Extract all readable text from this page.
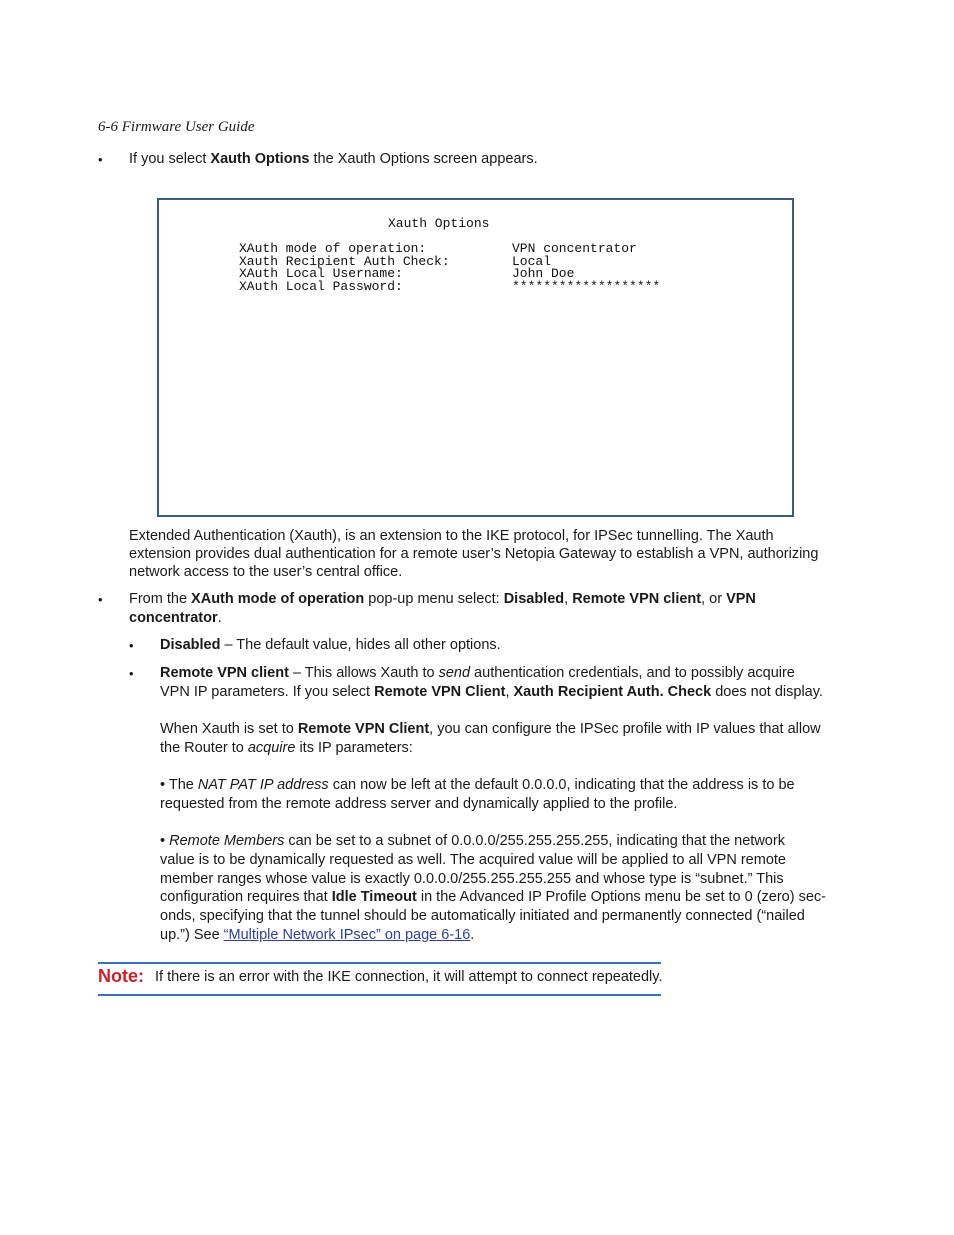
6-6 Firmware User Guide
• If you select Xauth Options the Xauth Options screen appears.
Xauth Options
XAuth mode of operation:	VPN concentrator
Xauth Recipient Auth Check:	Local
XAuth Local Username:	John Doe
XAuth Local Password:	*******************
Extended Authentication (Xauth), is an extension to the IKE protocol, for IPSec tunnelling. The Xauth
extension provides dual authentication for a remote user’s Netopia Gateway to establish a VPN, authorizing
network access to the user’s central office.
• From the XAuth mode of operation pop-up menu select: Disabled, Remote VPN client, or VPN
concentrator.
• Disabled – The default value, hides all other options.
• Remote VPN client – This allows Xauth to send authentication credentials, and to possibly acquire
VPN IP parameters. If you select Remote VPN Client, Xauth Recipient Auth. Check does not display.
When Xauth is set to Remote VPN Client, you can configure the IPSec profile with IP values that allow
the Router to acquire its IP parameters:
• The NAT PAT IP address can now be left at the default 0.0.0.0, indicating that the address is to be
requested from the remote address server and dynamically applied to the profile.
• Remote Members can be set to a subnet of 0.0.0.0/255.255.255.255, indicating that the network
value is to be dynamically requested as well. The acquired value will be applied to all VPN remote
member ranges whose value is exactly 0.0.0.0/255.255.255.255 and whose type is “subnet.” This
configuration requires that Idle Timeout in the Advanced IP Profile Options menu be set to 0 (zero) sec-
onds, specifying that the tunnel should be automatically initiated and permanently connected (“nailed
up.”) See “Multiple Network IPsec” on page 6-16.
Note: If there is an error with the IKE connection, it will attempt to connect repeatedly.
